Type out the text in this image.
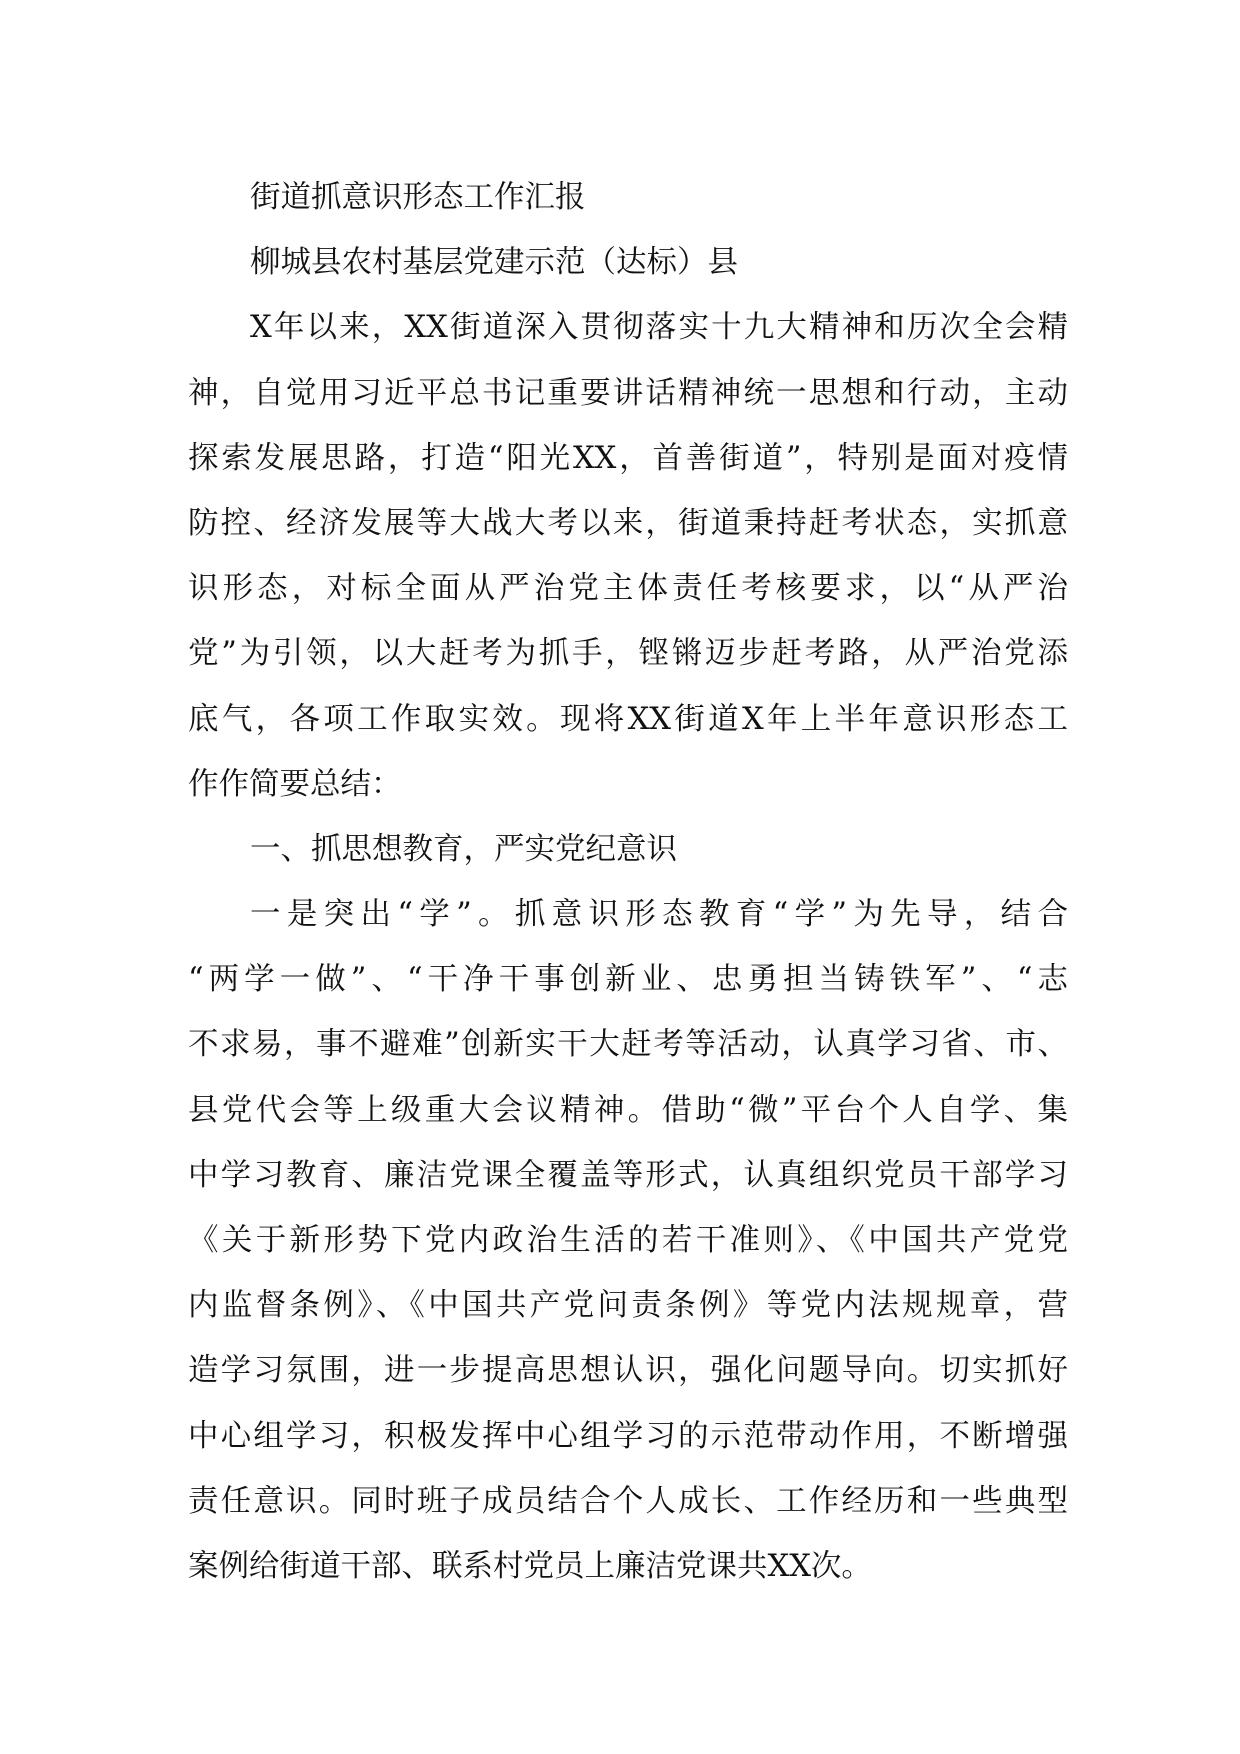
街道抓意识形态工作汇报
柳城县农村基层党建示范（达标）县
X年以来，XX街道深入贯彻落实十九大精神和历次全会精
神，自觉用习近平总书记重要讲话精神统一思想和行动，主动
探索发展思路，打造“阳光XX，首善街道”，特别是面对疫情
防控、经济发展等大战大考以来，街道秉持赶考状态，实抓意
识形态，对标全面从严治党主体责任考核要求，以“从严治
党”为引领，以大赶考为抓手，铿锵迈步赶考路，从严治党添
底气，各项工作取实效。现将XX街道X年上半年意识形态工
作作简要总结：
一、抓思想教育，严实党纪意识
一是突出“学”。抓意识形态教育“学”为先导，结合
“两学一做”、“干净干事创新业、忠勇担当铸铁军”、“志
不求易，事不避难”创新实干大赶考等活动，认真学习省、市、
县党代会等上级重大会议精神。借助“微”平台个人自学、集
中学习教育、廉洁党课全覆盖等形式，认真组织党员干部学习
《关于新形势下党内政治生活的若干准则》、《中国共产党党
内监督条例》、《中国共产党问责条例》等党内法规规章，营
造学习氛围，进一步提高思想认识，强化问题导向。切实抓好
中心组学习，积极发挥中心组学习的示范带动作用，不断增强
责任意识。同时班子成员结合个人成长、工作经历和一些典型
案例给街道干部、联系村党员上廉洁党课共XX次。
